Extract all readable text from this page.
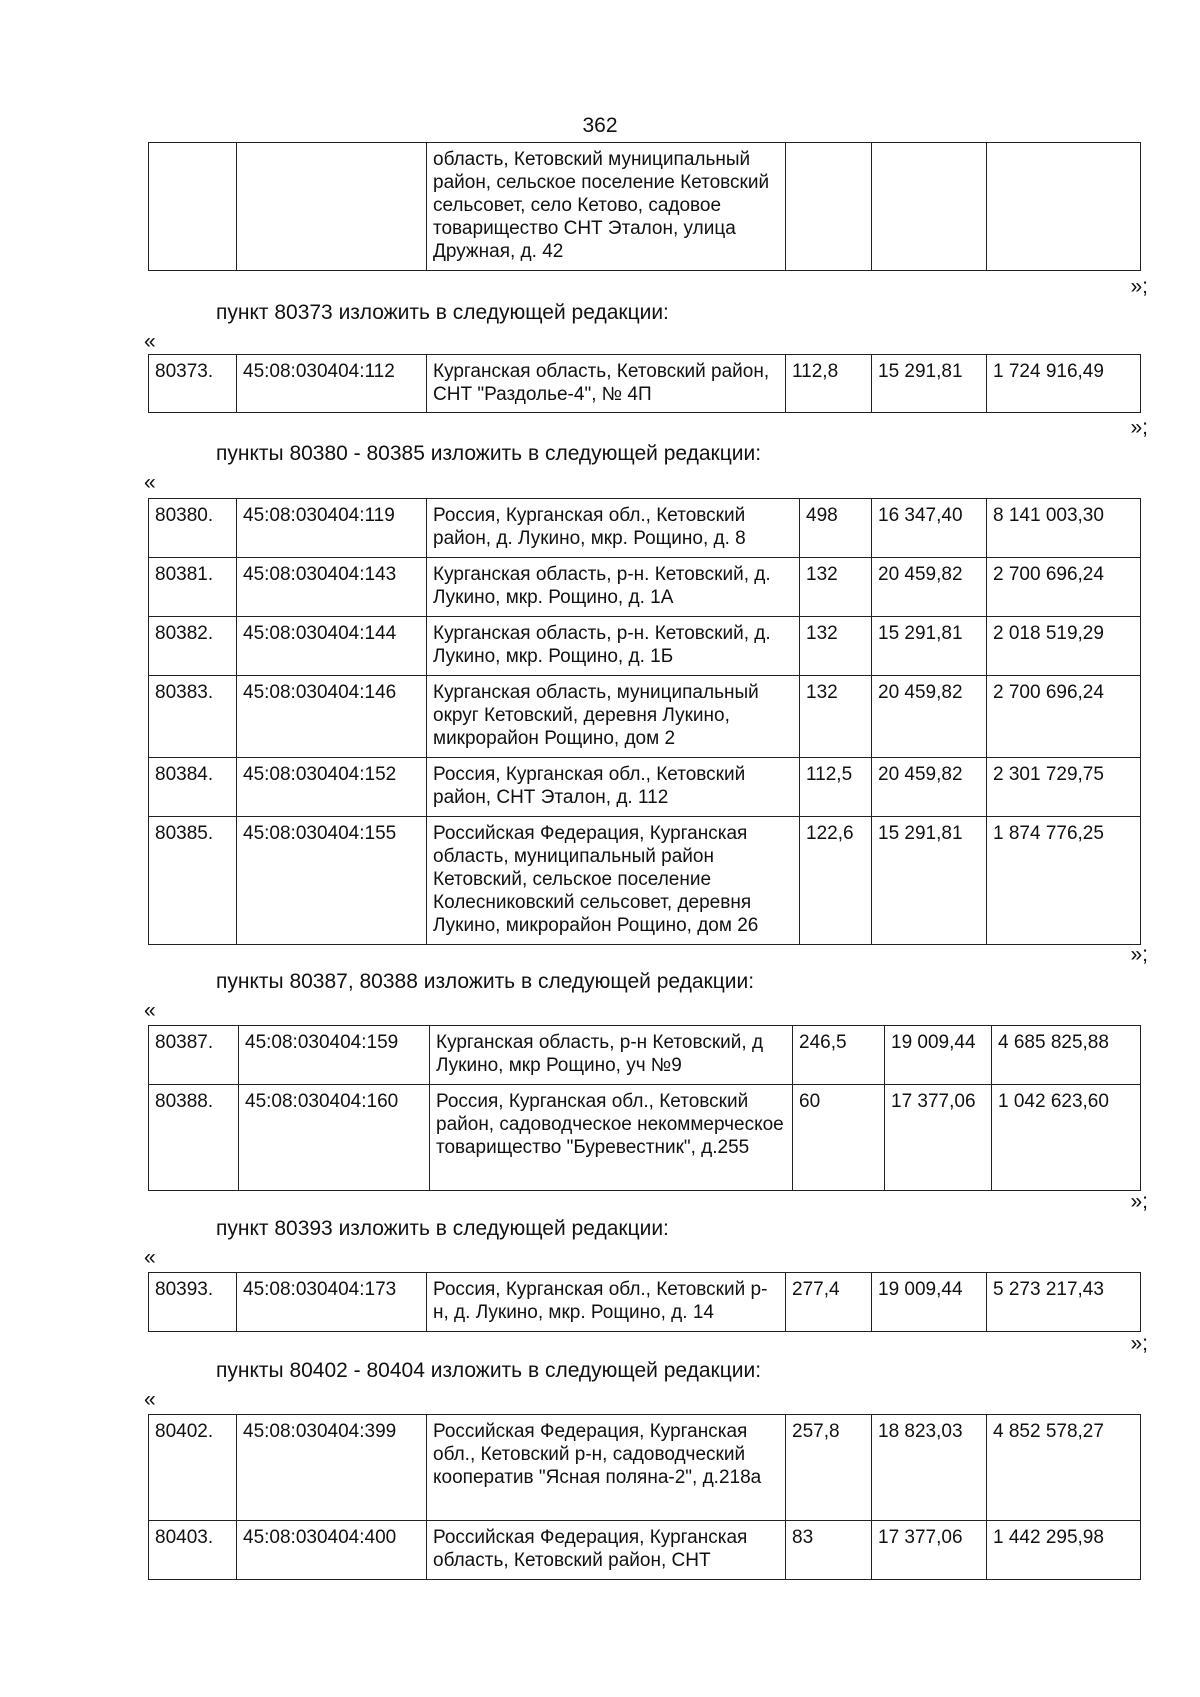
362
		область, Кетовский муниципальный район, сельское поселение Кетовский сельсовет, село Кетово, садовое товарищество СНТ Эталон, улица Дружная, д. 42			
»;
пункт 80373 изложить в следующей редакции:
«
80373.	45:08:030404:112	Курганская область, Кетовский район, СНТ "Раздолье-4", № 4П	112,8	15 291,81	1 724 916,49
»;
пункты 80380 - 80385 изложить в следующей редакции:
«
80380.	45:08:030404:119	Россия, Курганская обл., Кетовский район, д. Лукино, мкр. Рощино, д. 8	498	16 347,40	8 141 003,30
80381.	45:08:030404:143	Курганская область, р-н. Кетовский, д. Лукино, мкр. Рощино, д. 1А	132	20 459,82	2 700 696,24
80382.	45:08:030404:144	Курганская область, р-н. Кетовский, д. Лукино, мкр. Рощино, д. 1Б	132	15 291,81	2 018 519,29
80383.	45:08:030404:146	Курганская область, муниципальный округ Кетовский, деревня Лукино, микрорайон Рощино, дом 2	132	20 459,82	2 700 696,24
80384.	45:08:030404:152	Россия, Курганская обл., Кетовский район, СНТ Эталон, д. 112	112,5	20 459,82	2 301 729,75
80385.	45:08:030404:155	Российская Федерация, Курганская область, муниципальный район Кетовский, сельское поселение Колесниковский сельсовет, деревня Лукино, микрорайон Рощино, дом 26	122,6	15 291,81	1 874 776,25
»;
пункты 80387, 80388 изложить в следующей редакции:
«
80387.	45:08:030404:159	Курганская область, р-н Кетовский, д Лукино, мкр Рощино, уч №9	246,5	19 009,44	4 685 825,88
80388.	45:08:030404:160	Россия, Курганская обл., Кетовский район, садоводческое некоммерческое товарищество "Буревестник", д.255	60	17 377,06	1 042 623,60
»;
пункт 80393 изложить в следующей редакции:
«
80393.	45:08:030404:173	Россия, Курганская обл., Кетовский р-н, д. Лукино, мкр. Рощино, д. 14	277,4	19 009,44	5 273 217,43
»;
пункты 80402 - 80404 изложить в следующей редакции:
«
80402.	45:08:030404:399	Российская Федерация, Курганская обл., Кетовский р-н, садоводческий кооператив "Ясная поляна-2", д.218а	257,8	18 823,03	4 852 578,27
80403.	45:08:030404:400	Российская Федерация, Курганская область, Кетовский район, СНТ	83	17 377,06	1 442 295,98
